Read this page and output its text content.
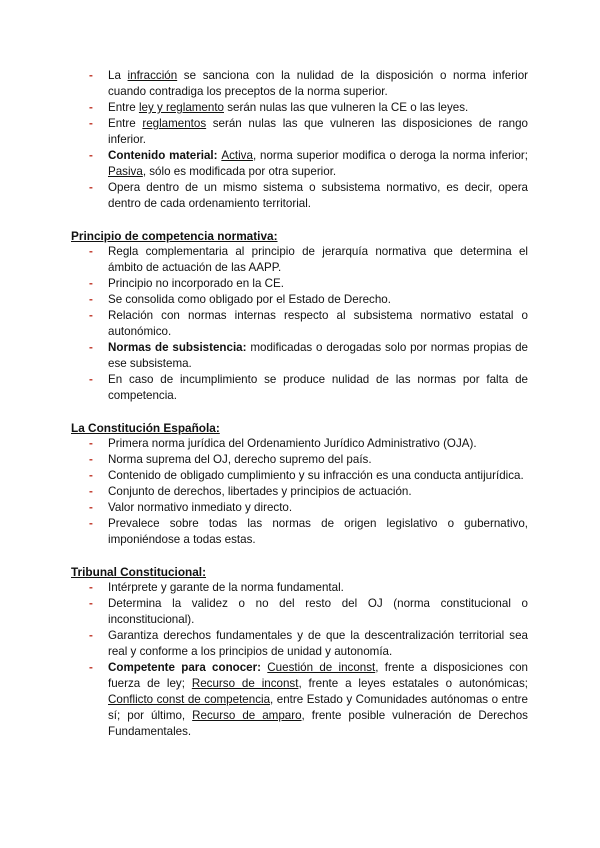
- La infracción se sanciona con la nulidad de la disposición o norma inferior cuando contradiga los preceptos de la norma superior.
- Entre ley y reglamento serán nulas las que vulneren la CE o las leyes.
- Entre reglamentos serán nulas las que vulneren las disposiciones de rango inferior.
- Contenido material: Activa, norma superior modifica o deroga la norma inferior; Pasiva, sólo es modificada por otra superior.
- Opera dentro de un mismo sistema o subsistema normativo, es decir, opera dentro de cada ordenamiento territorial.
Principio de competencia normativa:
- Regla complementaria al principio de jerarquía normativa que determina el ámbito de actuación de las AAPP.
- Principio no incorporado en la CE.
- Se consolida como obligado por el Estado de Derecho.
- Relación con normas internas respecto al subsistema normativo estatal o autonómico.
- Normas de subsistencia: modificadas o derogadas solo por normas propias de ese subsistema.
- En caso de incumplimiento se produce nulidad de las normas por falta de competencia.
La Constitución Española:
- Primera norma jurídica del Ordenamiento Jurídico Administrativo (OJA).
- Norma suprema del OJ, derecho supremo del país.
- Contenido de obligado cumplimiento y su infracción es una conducta antijurídica.
- Conjunto de derechos, libertades y principios de actuación.
- Valor normativo inmediato y directo.
- Prevalece sobre todas las normas de origen legislativo o gubernativo, imponiéndose a todas estas.
Tribunal Constitucional:
- Intérprete y garante de la norma fundamental.
- Determina la validez o no del resto del OJ (norma constitucional o inconstitucional).
- Garantiza derechos fundamentales y de que la descentralización territorial sea real y conforme a los principios de unidad y autonomía.
- Competente para conocer: Cuestión de inconst, frente a disposiciones con fuerza de ley; Recurso de inconst, frente a leyes estatales o autonómicas; Conflicto const de competencia, entre Estado y Comunidades autónomas o entre sí; por último, Recurso de amparo, frente posible vulneración de Derechos Fundamentales.
